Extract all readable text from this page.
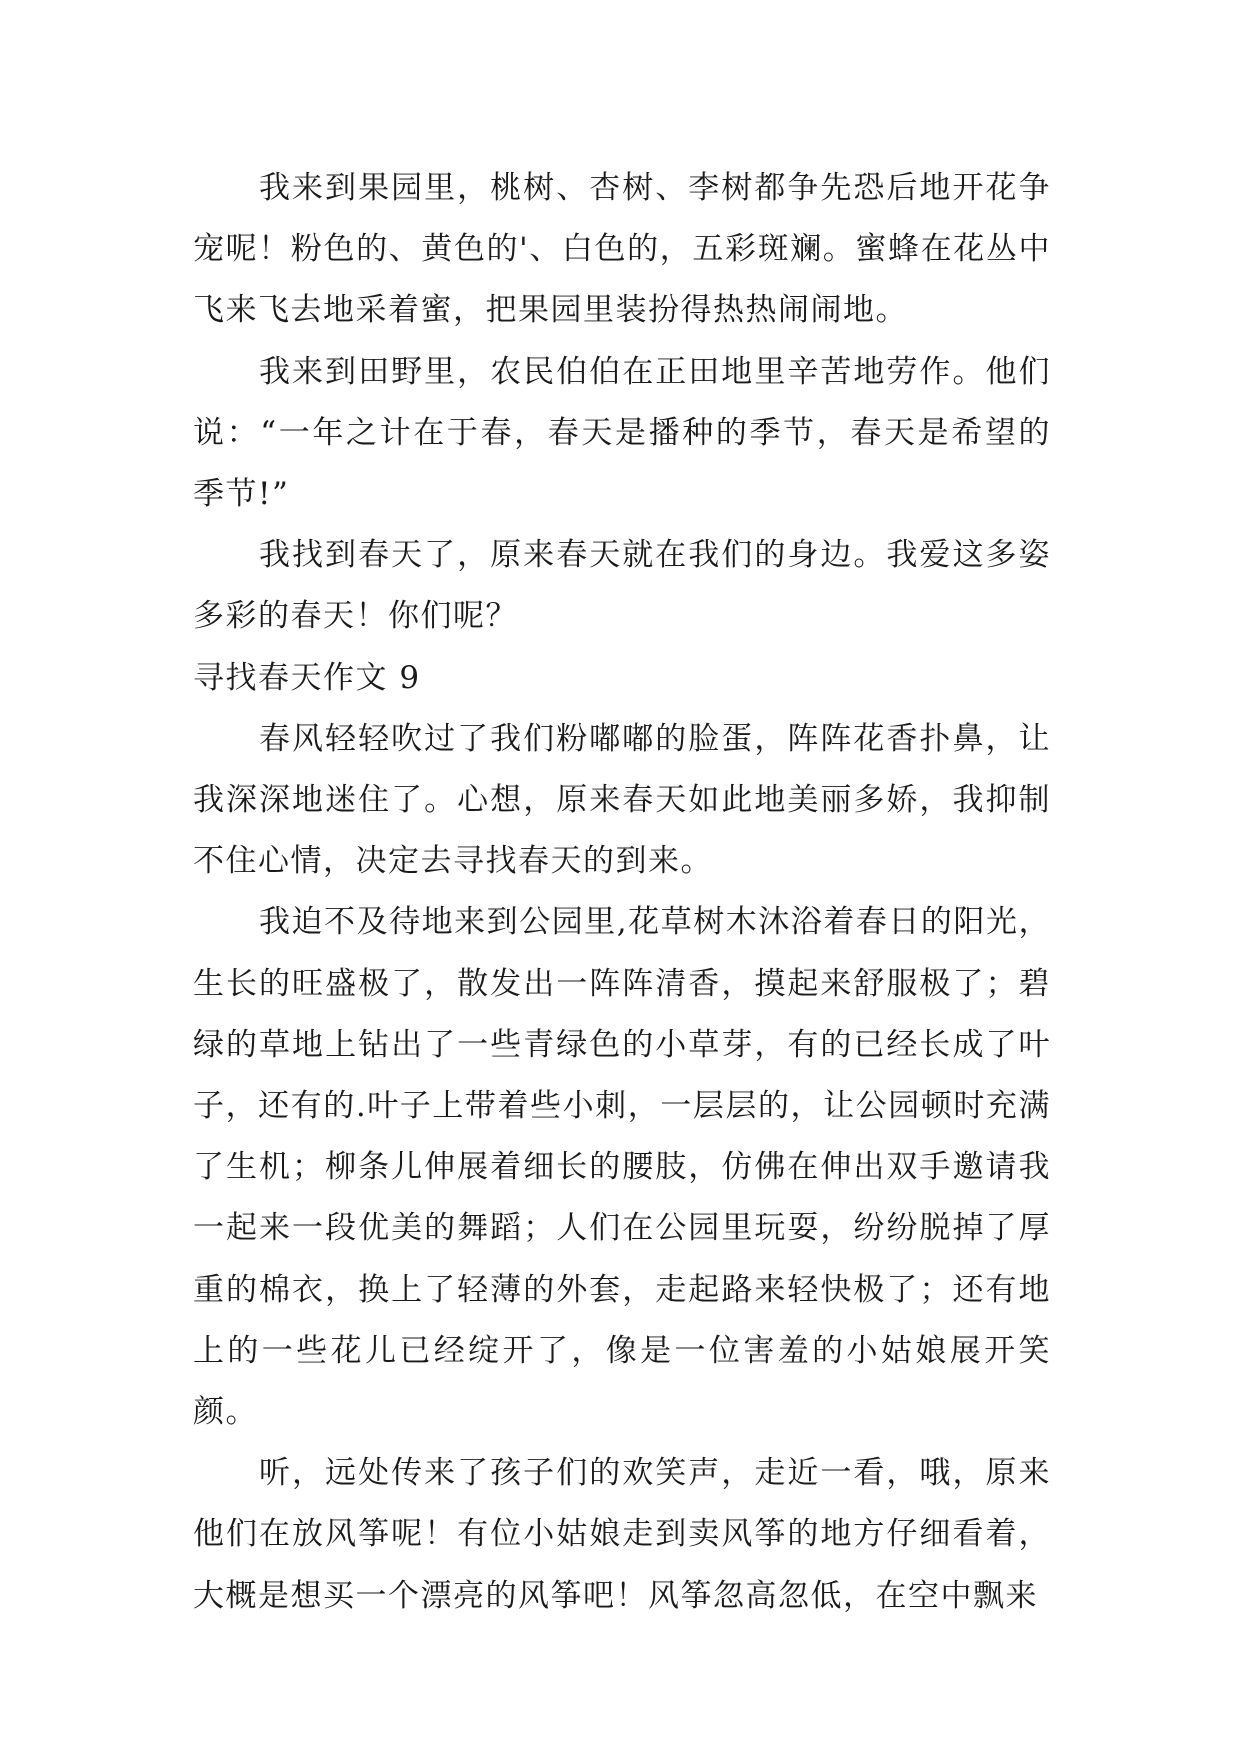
我来到果园里，桃树、杏树、李树都争先恐后地开花争宠呢！粉色的、黄色的'、白色的，五彩斑斓。蜜蜂在花丛中飞来飞去地采着蜜，把果园里装扮得热热闹闹地。

我来到田野里，农民伯伯在正田地里辛苦地劳作。他们说：“一年之计在于春，春天是播种的季节，春天是希望的季节!”

我找到春天了，原来春天就在我们的身边。我爱这多姿多彩的春天！你们呢？

寻找春天作文 9

春风轻轻吹过了我们粉嘟嘟的脸蛋，阵阵花香扑鼻，让我深深地迷住了。心想，原来春天如此地美丽多娇，我抑制不住心情，决定去寻找春天的到来。

我迫不及待地来到公园里,花草树木沐浴着春日的阳光，生长的旺盛极了，散发出一阵阵清香，摸起来舒服极了；碧绿的草地上钻出了一些青绿色的小草芽，有的已经长成了叶子，还有的.叶子上带着些小刺，一层层的，让公园顿时充满了生机；柳条儿伸展着细长的腰肢，仿佛在伸出双手邀请我一起来一段优美的舞蹈；人们在公园里玩耍，纷纷脱掉了厚重的棉衣，换上了轻薄的外套，走起路来轻快极了；还有地上的一些花儿已经绽开了，像是一位害羞的小姑娘展开笑颜。

听，远处传来了孩子们的欢笑声，走近一看，哦，原来他们在放风筝呢！有位小姑娘走到卖风筝的地方仔细看着，大概是想买一个漂亮的风筝吧！风筝忽高忽低，在空中飘来
